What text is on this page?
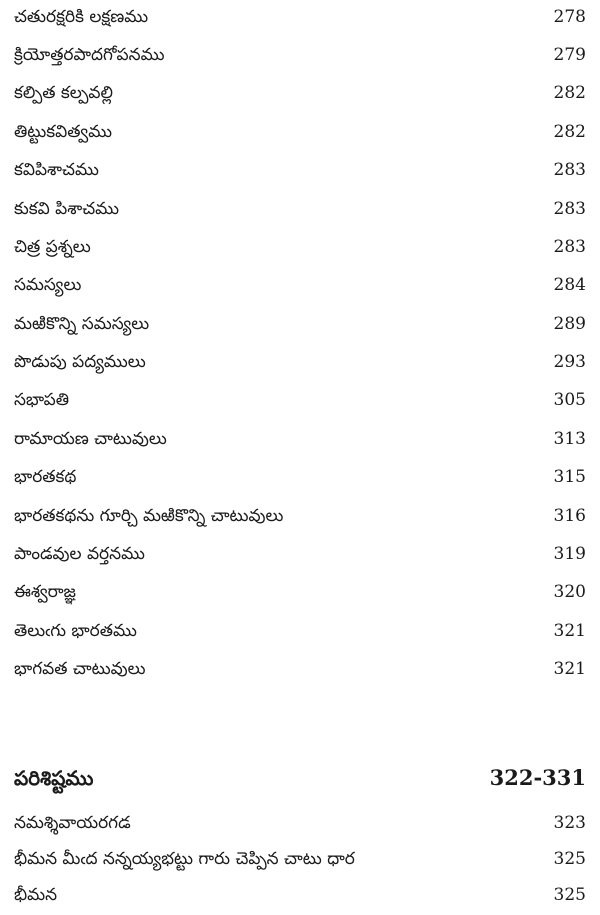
చతురక్షరికి లక్షణము	278
క్రియోత్తరపాదగోపనము	279
కల్పిత కల్పవల్లి	282
తిట్టుకవిత్వము	282
కవిపిశాచము	283
కుకవి పిశాచము	283
చిత్ర ప్రశ్నలు	283
సమస్యలు	284
మఱికొన్ని సమస్యలు	289
పొడుపు పద్యములు	293
సభాపతి	305
రామాయణ చాటువులు	313
భారతకథ	315
భారతకథను గూర్చి మఱికొన్ని చాటువులు	316
పాండవుల వర్తనము	319
ఈశ్వరాజ్ఞ	320
తెలుఁగు భారతము	321
భాగవత చాటువులు	321
పరిశిష్టము	322-331
నమశ్శివాయరగడ	323
భీమన మీఁద నన్నయ్యభట్టు గారు చెప్పిన చాటు ధార	325
భీమన	325
